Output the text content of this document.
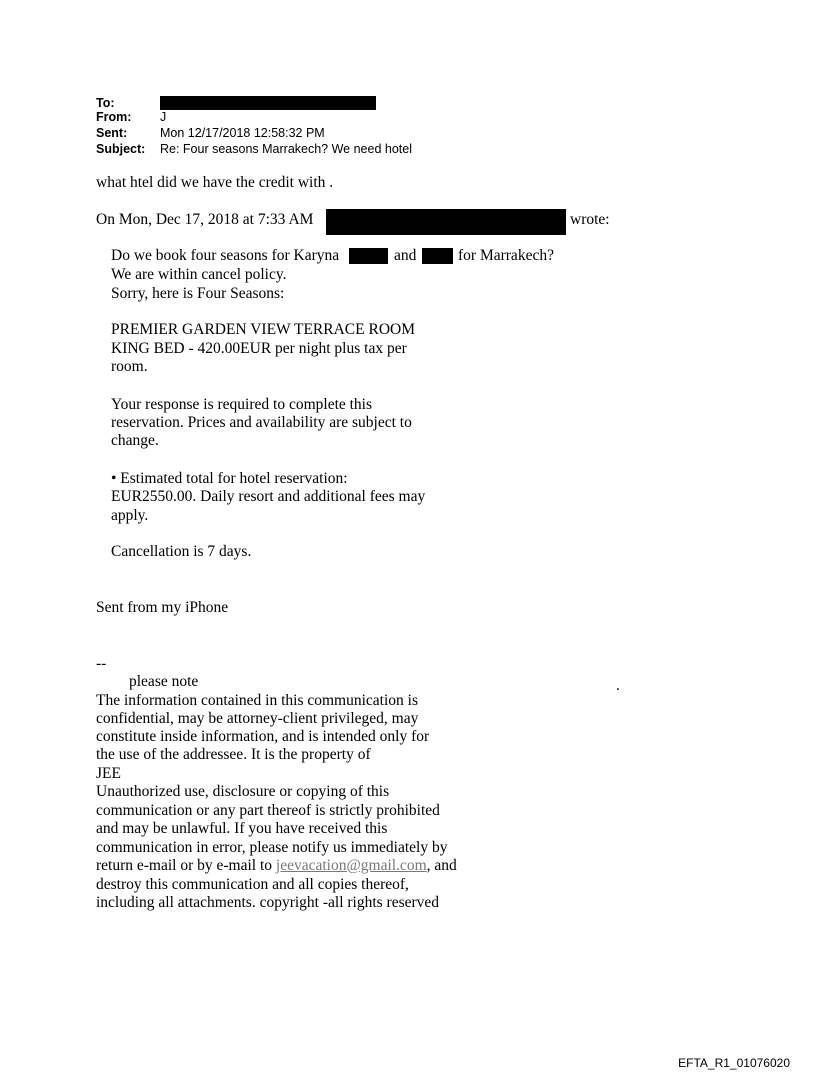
To:
From: J
Sent:	Mon 12/17/2018 12:58:32 PM
Subject: Re: Four seasons Marrakech? We need hotel
what htel did we have the credit with .
On Mon, Dec 17, 2018 at 7:33 AM	wrote:
Do we book four seasons for Karyna	and	for Marrakech?
We are within cancel policy.
Sorry, here is Four Seasons:
PREMIER GARDEN VIEW TERRACE ROOM
KING BED - 420.00EUR per night plus tax per
room.
Your response is required to complete this
reservation. Prices and availability are subject to
change.
• Estimated total for hotel reservation:
EUR2550.00. Daily resort and additional fees may
apply.
Cancellation is 7 days.
Sent from my iPhone
--
please note	.
The information contained in this communication is
confidential, may be attorney-client privileged, may
constitute inside information, and is intended only for
the use of the addressee. It is the property of
JEE
Unauthorized use, disclosure or copying of this
communication or any part thereof is strictly prohibited
and may be unlawful. If you have received this
communication in error, please notify us immediately by
return e-mail or by e-mail to jeevacation@gmail.com, and
destroy this communication and all copies thereof,
including all attachments. copyright -all rights reserved
EFTA_R1_01076020
